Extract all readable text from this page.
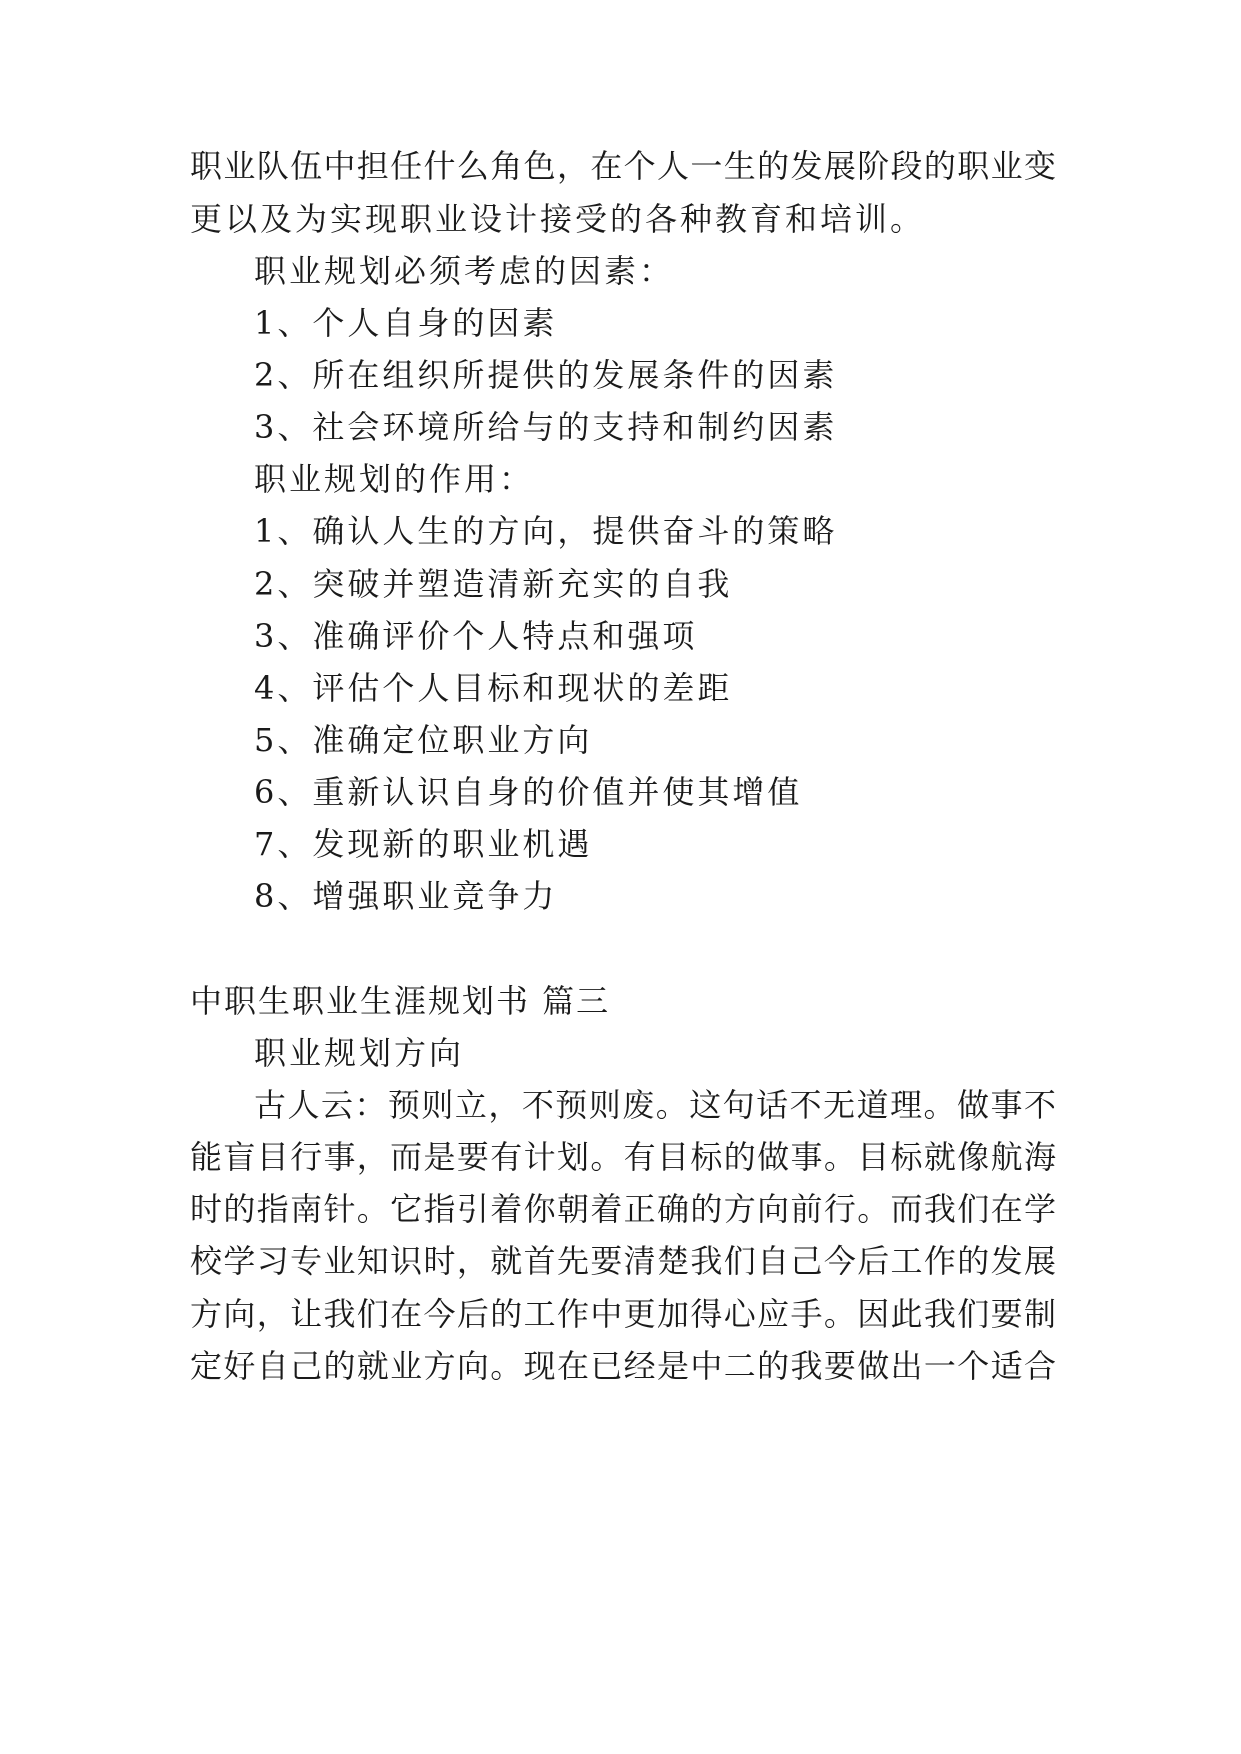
职业队伍中担任什么角色，在个人一生的发展阶段的职业变
更以及为实现职业设计接受的各种教育和培训。
职业规划必须考虑的因素：
1、个人自身的因素
2、所在组织所提供的发展条件的因素
3、社会环境所给与的支持和制约因素
职业规划的作用：
1、确认人生的方向，提供奋斗的策略
2、突破并塑造清新充实的自我
3、准确评价个人特点和强项
4、评估个人目标和现状的差距
5、准确定位职业方向
6、重新认识自身的价值并使其增值
7、发现新的职业机遇
8、增强职业竞争力
中职生职业生涯规划书 篇三
职业规划方向
古人云：预则立，不预则废。这句话不无道理。做事不
能盲目行事，而是要有计划。有目标的做事。目标就像航海
时的指南针。它指引着你朝着正确的方向前行。而我们在学
校学习专业知识时，就首先要清楚我们自己今后工作的发展
方向，让我们在今后的工作中更加得心应手。因此我们要制
定好自己的就业方向。现在已经是中二的我要做出一个适合
